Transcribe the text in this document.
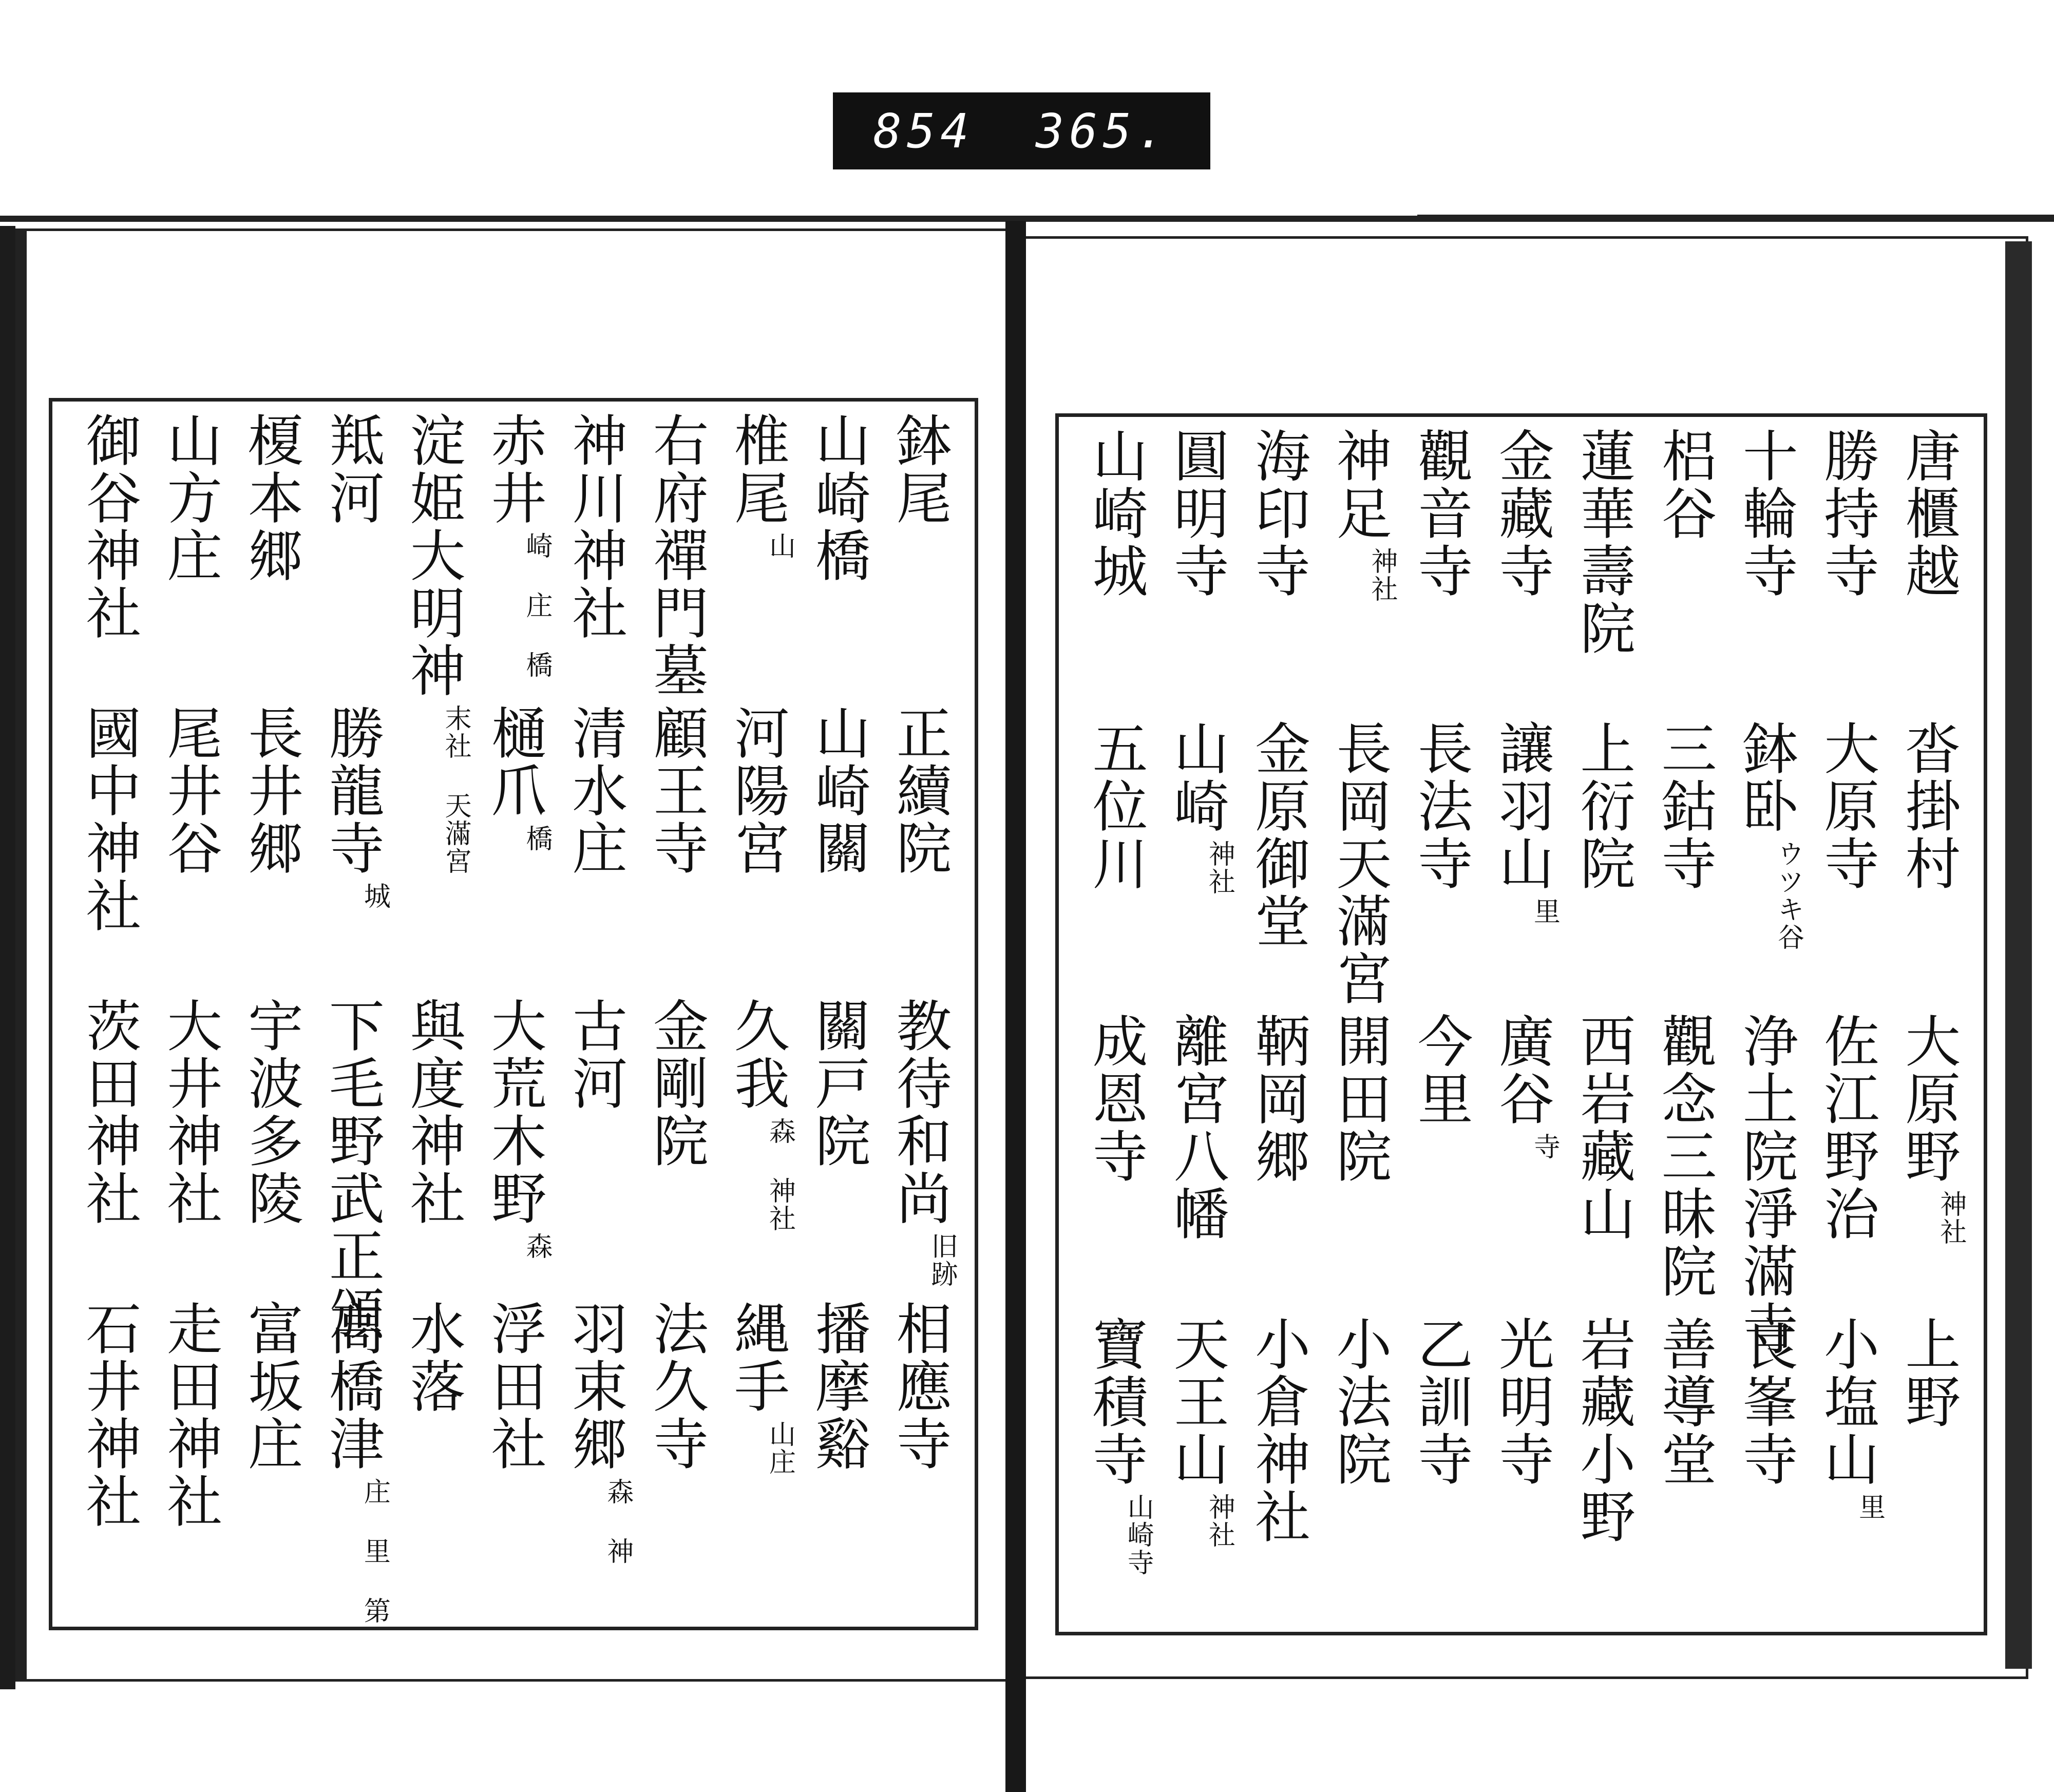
854 365.
鉢尾
正續院
教待和尚
旧跡
相應寺
山崎橋
山崎關
關戸院
播摩谿
椎尾
山
河陽宮
久我
森 神社
縄手
山庄
右府禪門墓
顧王寺
金剛院
法久寺
神川神社
清水庄
古河
羽束郷
森 神
赤井
崎 庄 橋
樋爪
橋
大荒木野
森
浮田社
淀姫大明神
末社 天滿宮
與度神社
水落
羝河
勝龍寺
城
下毛野武正頒
高橋津
庄 里 第
榎本郷
長井郷
宇波多陵
富坂庄
山方庄
尾井谷
大井神社
走田神社
御谷神社
國中神社
茨田神社
石井神社
唐櫃越
沓掛村
大原野
神社
上野
勝持寺
大原寺
佐江野治
小塩山
里
十輪寺
鉢卧
ウツキ谷
浄土院淨滿寺
良峯寺
梠谷
三鈷寺
觀念三昧院
善導堂
蓮華壽院
上衍院
西岩藏山
岩藏小野
金藏寺
讓羽山
里
廣谷
寺
光明寺
觀音寺
長法寺
今里
乙訓寺
神足
神社
長岡天滿宮
開田院
小法院
海印寺
金原御堂
鞆岡郷
小倉神社
圓明寺
山崎
神社
離宮八幡
天王山
神社
山崎城
五位川
成恩寺
寶積寺
山崎寺
